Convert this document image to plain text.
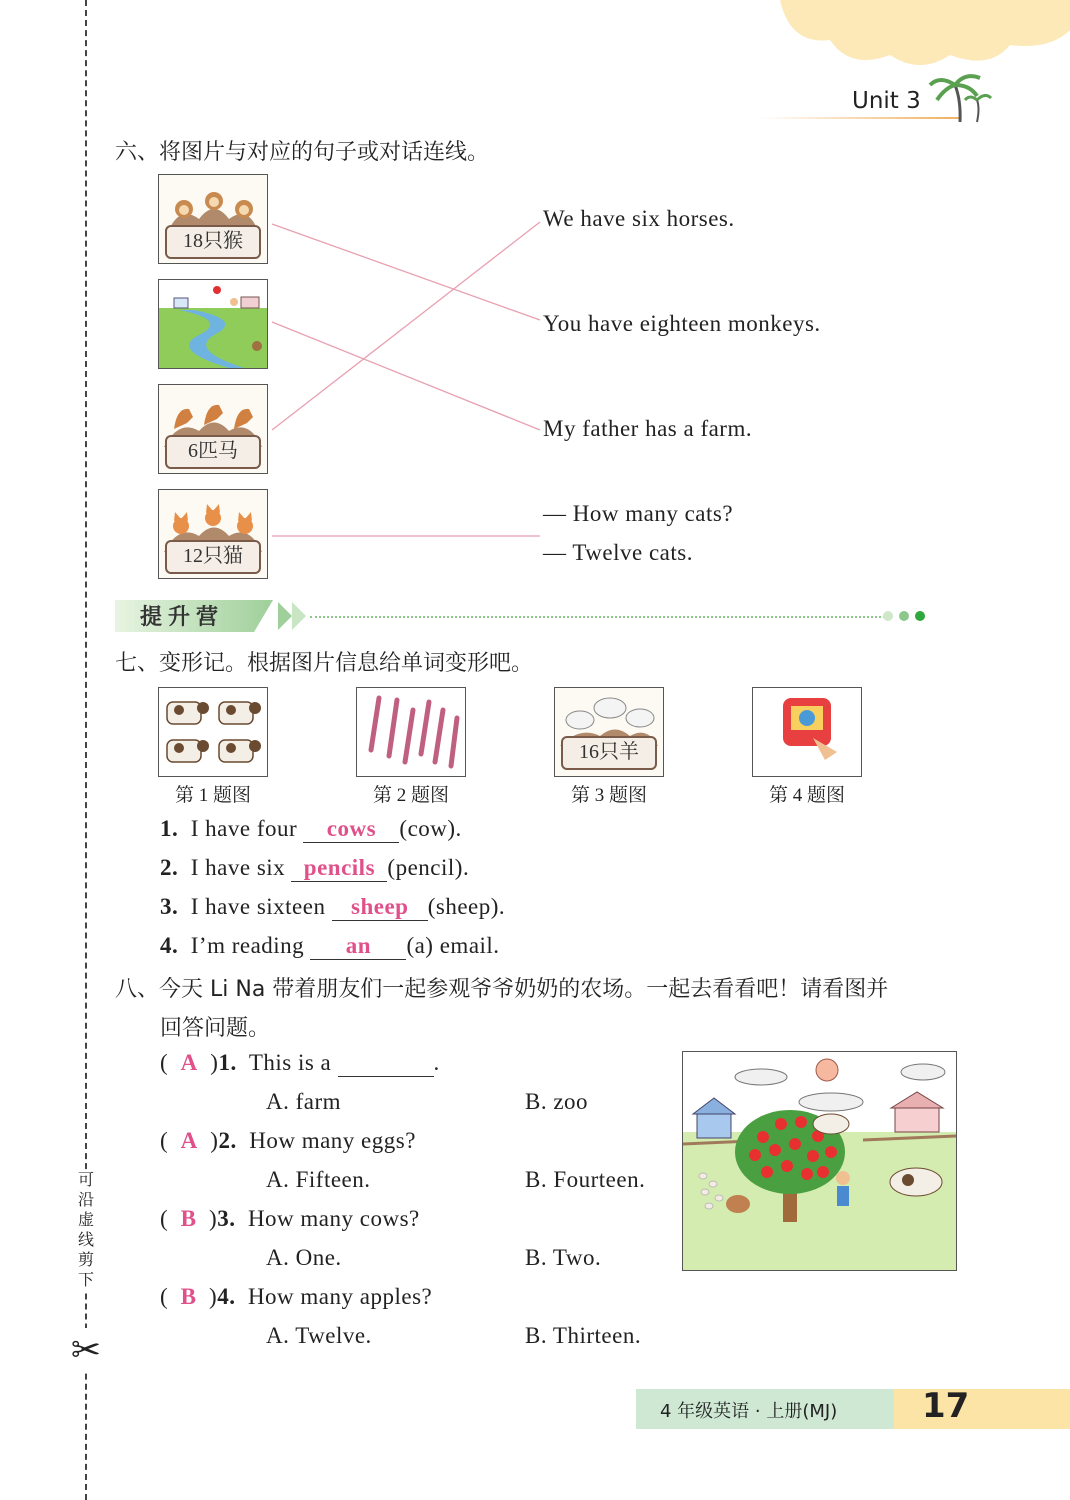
Unit 3
可沿虚线剪下
✂
六、将图片与对应的句子或对话连线。
18只猴
6匹马
12只猫
We have six horses.
You have eighteen monkeys.
My father has a farm.
— How many cats?
— Twelve cats.
提升营
七、变形记。根据图片信息给单词变形吧。
16只羊
第 1 题图	第 2 题图	第 3 题图	第 4 题图
1. I have four cows (cow).
2. I have six pencils (pencil).
3. I have sixteen sheep (sheep).
4. I’m reading an (a) email.
八、今天 Li Na 带着朋友们一起参观爷爷奶奶的农场。一起去看看吧！请看图并
回答问题。
(  A  )1. This is a	.
A. farm	B. zoo
(  A  )2. How many eggs?
A. Fifteen.	B. Fourteen.
(  B  )3. How many cows?
A. One.	B. Two.
(  B  )4. How many apples?
A. Twelve.	B. Thirteen.
4 年级英语 · 上册(MJ) 17
